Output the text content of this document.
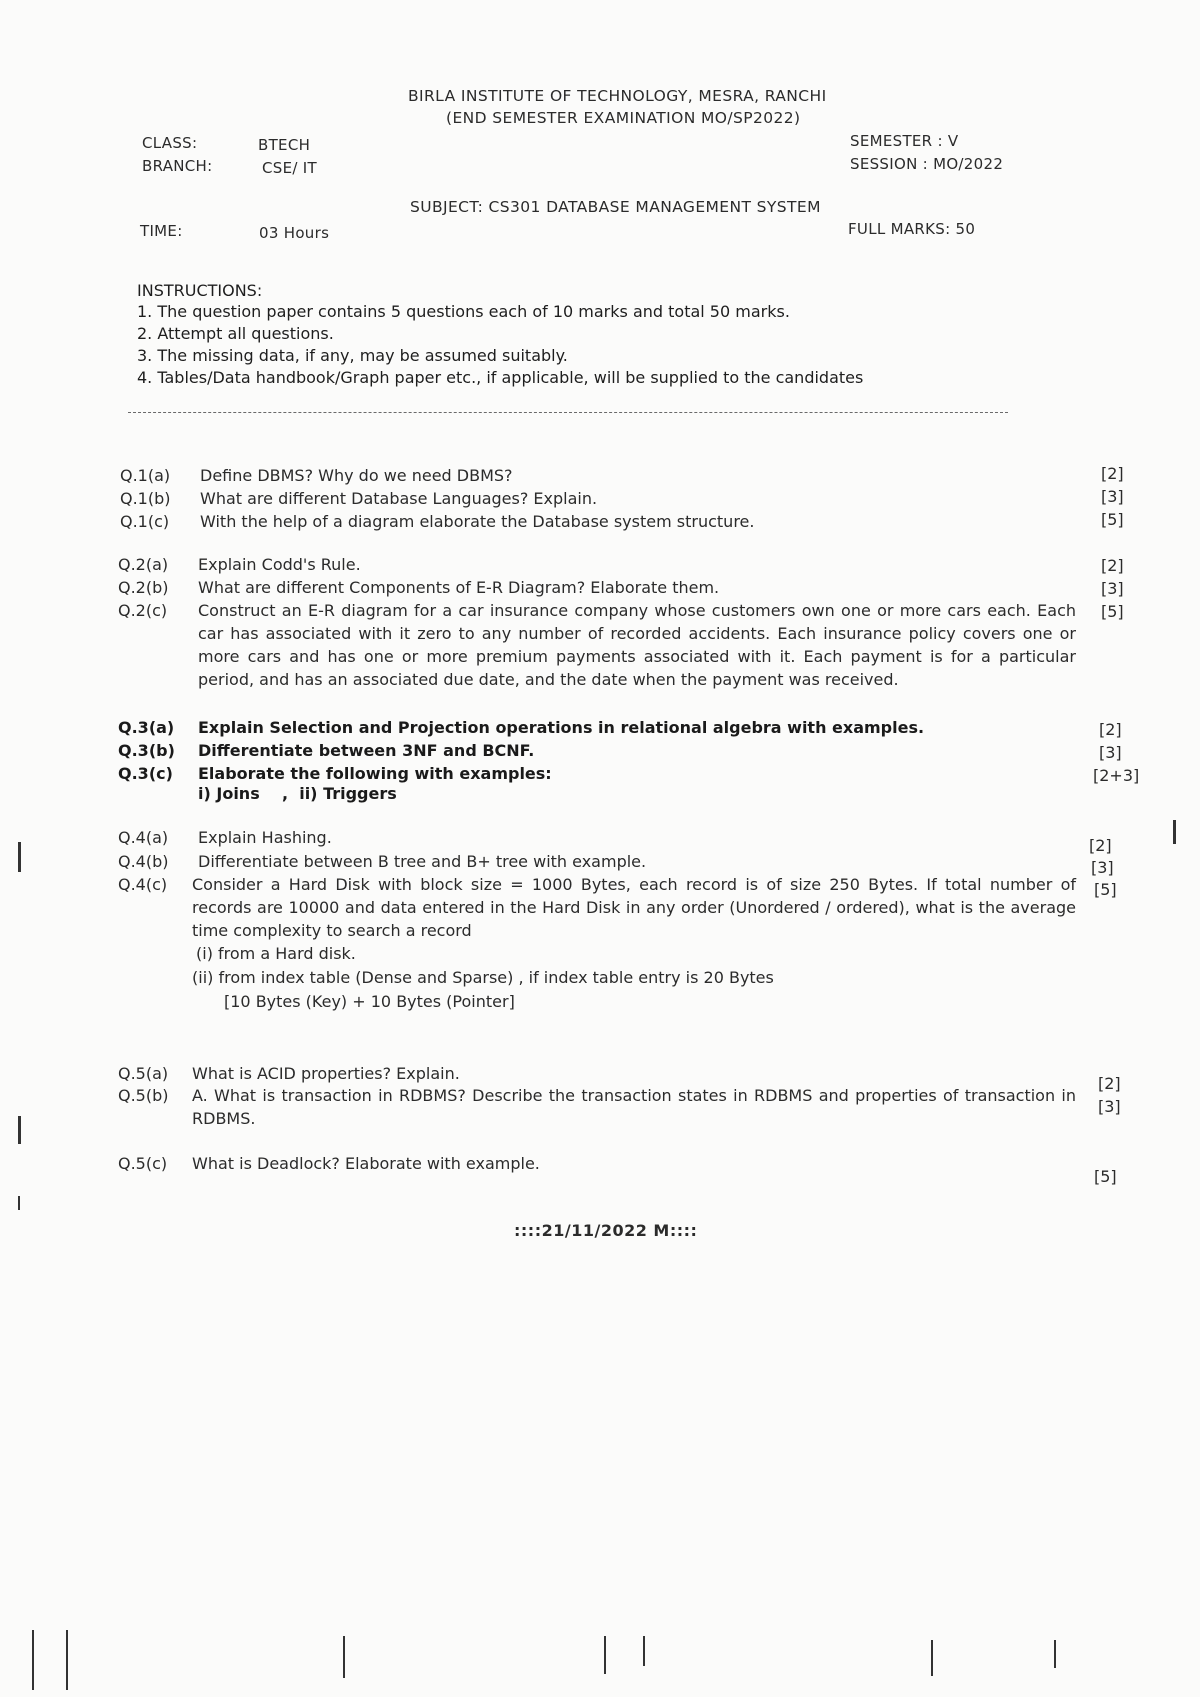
BIRLA INSTITUTE OF TECHNOLOGY, MESRA, RANCHI
(END SEMESTER EXAMINATION MO/SP2022)
CLASS:	BTECH
BRANCH:	CSE/ IT
SEMESTER : V
SESSION : MO/2022
SUBJECT: CS301 DATABASE MANAGEMENT SYSTEM
TIME:	03 Hours	FULL MARKS: 50
INSTRUCTIONS:
1. The question paper contains 5 questions each of 10 marks and total 50 marks.
2. Attempt all questions.
3. The missing data, if any, may be assumed suitably.
4. Tables/Data handbook/Graph paper etc., if applicable, will be supplied to the candidates
Q.1(a)	Define DBMS? Why do we need DBMS?	[2]
Q.1(b)	What are different Database Languages? Explain.	[3]
Q.1(c)	With the help of a diagram elaborate the Database system structure.	[5]
Q.2(a)	Explain Codd's Rule.	[2]
Q.2(b)	What are different Components of E-R Diagram? Elaborate them.	[3]
Q.2(c)	Construct an E-R diagram for a car insurance company whose customers own one or more cars each. Each car has associated with it zero to any number of recorded accidents. Each insurance policy covers one or more cars and has one or more premium payments associated with it. Each payment is for a particular period, and has an associated due date, and the date when the payment was received.
[5]
Q.3(a)	Explain Selection and Projection operations in relational algebra with examples.	[2]
Q.3(b)	Differentiate between 3NF and BCNF.	[3]
Q.3(c)	Elaborate the following with examples:	[2+3]
i) Joins    ,  ii) Triggers
Q.4(a)	Explain Hashing.	[2]
Q.4(b)	Differentiate between B tree and B+ tree with example.	[3]
Q.4(c)	Consider a Hard Disk with block size = 1000 Bytes, each record is of size 250 Bytes. If total number of records are 10000 and data entered in the Hard Disk in any order (Unordered / ordered), what is the average time complexity to search a record
[5]
(i) from a Hard disk.
(ii) from index table (Dense and Sparse) , if index table entry is 20 Bytes
[10 Bytes (Key) + 10 Bytes (Pointer]
Q.5(a)	What is ACID properties? Explain.
[2]
Q.5(b)	A. What is transaction in RDBMS? Describe the transaction states in RDBMS and properties of transaction in RDBMS.
[3]
Q.5(c)	What is Deadlock? Elaborate with example.
[5]
::::21/11/2022 M::::
